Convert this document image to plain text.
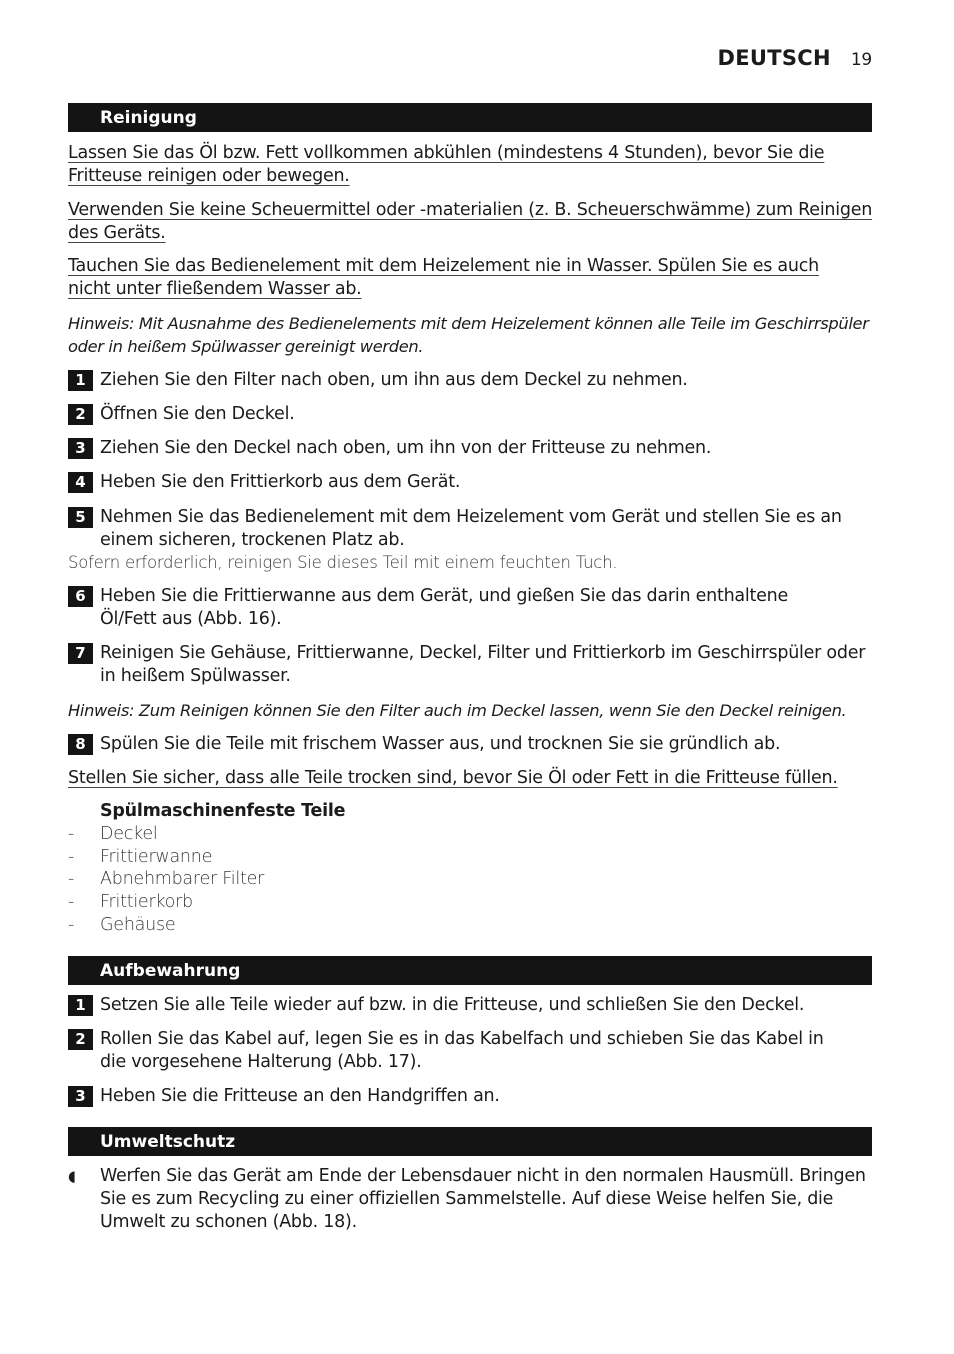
DEUTSCH 19
Reinigung
Lassen Sie das Öl bzw. Fett vollkommen abkühlen (mindestens 4 Stunden), bevor Sie die Fritteuse reinigen oder bewegen.
Verwenden Sie keine Scheuermittel oder -materialien (z. B. Scheuerschwämme) zum Reinigen des Geräts.
Tauchen Sie das Bedienelement mit dem Heizelement nie in Wasser. Spülen Sie es auch nicht unter fließendem Wasser ab.
Hinweis: Mit Ausnahme des Bedienelements mit dem Heizelement können alle Teile im Geschirrspüler oder in heißem Spülwasser gereinigt werden.
1 Ziehen Sie den Filter nach oben, um ihn aus dem Deckel zu nehmen.
2 Öffnen Sie den Deckel.
3 Ziehen Sie den Deckel nach oben, um ihn von der Fritteuse zu nehmen.
4 Heben Sie den Frittierkorb aus dem Gerät.
5 Nehmen Sie das Bedienelement mit dem Heizelement vom Gerät und stellen Sie es an einem sicheren, trockenen Platz ab.
Sofern erforderlich, reinigen Sie dieses Teil mit einem feuchten Tuch.
6 Heben Sie die Frittierwanne aus dem Gerät, und gießen Sie das darin enthaltene Öl/Fett aus (Abb. 16).
7 Reinigen Sie Gehäuse, Frittierwanne, Deckel, Filter und Frittierkorb im Geschirrspüler oder in heißem Spülwasser.
Hinweis: Zum Reinigen können Sie den Filter auch im Deckel lassen, wenn Sie den Deckel reinigen.
8 Spülen Sie die Teile mit frischem Wasser aus, und trocknen Sie sie gründlich ab.
Stellen Sie sicher, dass alle Teile trocken sind, bevor Sie Öl oder Fett in die Fritteuse füllen.
Spülmaschinenfeste Teile
- Deckel
- Frittierwanne
- Abnehmbarer Filter
- Frittierkorb
- Gehäuse
Aufbewahrung
1 Setzen Sie alle Teile wieder auf bzw. in die Fritteuse, und schließen Sie den Deckel.
2 Rollen Sie das Kabel auf, legen Sie es in das Kabelfach und schieben Sie das Kabel in die vorgesehene Halterung (Abb. 17).
3 Heben Sie die Fritteuse an den Handgriffen an.
Umweltschutz
◖ Werfen Sie das Gerät am Ende der Lebensdauer nicht in den normalen Hausmüll. Bringen Sie es zum Recycling zu einer offiziellen Sammelstelle. Auf diese Weise helfen Sie, die Umwelt zu schonen (Abb. 18).
